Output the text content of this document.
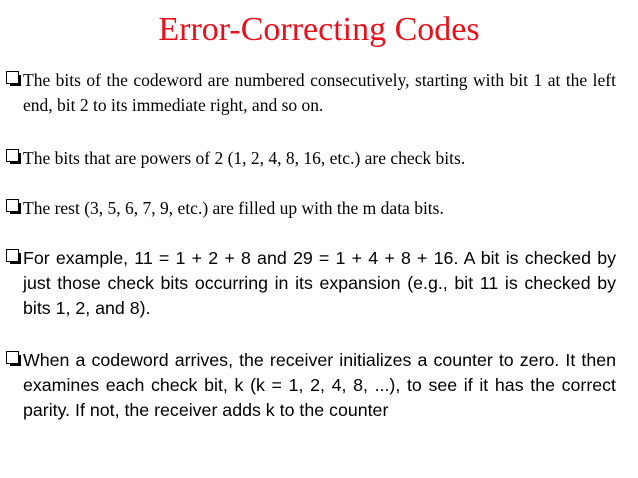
Error-Correcting Codes
The bits of the codeword are numbered consecutively, starting with bit 1 at the left end, bit 2 to its immediate right, and so on.
The bits that are powers of 2 (1, 2, 4, 8, 16, etc.) are check bits.
The rest (3, 5, 6, 7, 9, etc.) are filled up with the m data bits.
For example, 11 = 1 + 2 + 8 and 29 = 1 + 4 + 8 + 16. A bit is checked by just those check bits occurring in its expansion (e.g., bit 11 is checked by bits 1, 2, and 8).
When a codeword arrives, the receiver initializes a counter to zero. It then examines each check bit, k (k = 1, 2, 4, 8, ...), to see if it has the correct parity. If not, the receiver adds k to the counter
